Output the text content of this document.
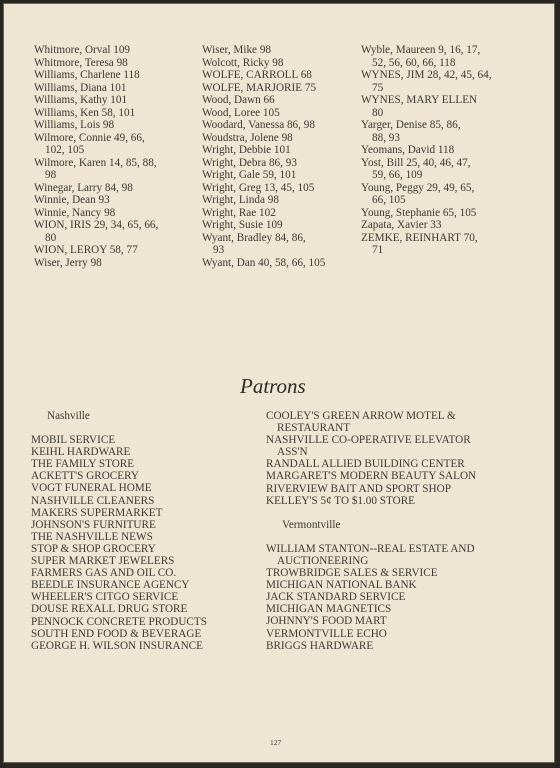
Whitmore, Orval 109
Whitmore, Teresa 98
Williams, Charlene 118
Williams, Diana 101
Williams, Kathy 101
Williams, Ken 58, 101
Williams, Lois 98
Wilmore, Connie 49, 66,
102, 105
Wilmore, Karen 14, 85, 88,
98
Winegar, Larry 84, 98
Winnie, Dean 93
Winnie, Nancy 98
WION, IRIS 29, 34, 65, 66,
80
WION, LEROY 58, 77
Wiser, Jerry 98
Wiser, Mike 98
Wolcott, Ricky 98
WOLFE, CARROLL 68
WOLFE, MARJORIE 75
Wood, Dawn 66
Wood, Loree 105
Woodard, Vanessa 86, 98
Woudstra, Jolene 98
Wright, Debbie 101
Wright, Debra 86, 93
Wright, Gale 59, 101
Wright, Greg 13, 45, 105
Wright, Linda 98
Wright, Rae 102
Wright, Susie 109
Wyant, Bradley 84, 86,
93
Wyant, Dan 40, 58, 66, 105
Wyble, Maureen 9, 16, 17,
52, 56, 60, 66, 118
WYNES, JIM 28, 42, 45, 64,
75
WYNES, MARY ELLEN
80
Yarger, Denise 85, 86,
88, 93
Yeomans, David 118
Yost, Bill 25, 40, 46, 47,
59, 66, 109
Young, Peggy 29, 49, 65,
66, 105
Young, Stephanie 65, 105
Zapata, Xavier 33
ZEMKE, REINHART 70,
71
Patrons
Nashville
MOBIL SERVICE
KEIHL HARDWARE
THE FAMILY STORE
ACKETT'S GROCERY
VOGT FUNERAL HOME
NASHVILLE CLEANERS
MAKERS SUPERMARKET
JOHNSON'S FURNITURE
THE NASHVILLE NEWS
STOP & SHOP GROCERY
SUPER MARKET JEWELERS
FARMERS GAS AND OIL CO.
BEEDLE INSURANCE AGENCY
WHEELER'S CITGO SERVICE
DOUSE REXALL DRUG STORE
PENNOCK CONCRETE PRODUCTS
SOUTH END FOOD & BEVERAGE
GEORGE H. WILSON INSURANCE
COOLEY'S GREEN ARROW MOTEL &
RESTAURANT
NASHVILLE CO-OPERATIVE ELEVATOR
ASS'N
RANDALL ALLIED BUILDING CENTER
MARGARET'S MODERN BEAUTY SALON
RIVERVIEW BAIT AND SPORT SHOP
KELLEY'S 5¢ TO $1.00 STORE
Vermontville
WILLIAM STANTON--REAL ESTATE AND
AUCTIONEERING
TROWBRIDGE SALES & SERVICE
MICHIGAN NATIONAL BANK
JACK STANDARD SERVICE
MICHIGAN MAGNETICS
JOHNNY'S FOOD MART
VERMONTVILLE ECHO
BRIGGS HARDWARE
127
